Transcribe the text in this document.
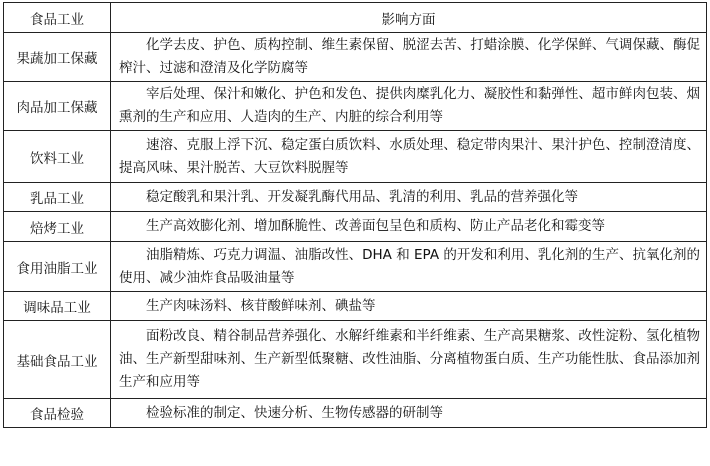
食品工业	影响方面
果蔬加工保藏	化学去皮、护色、质构控制、维生素保留、脱涩去苦、打蜡涂膜、化学保鲜、气调保藏、酶促榨汁、过滤和澄清及化学防腐等
肉品加工保藏	宰后处理、保汁和嫩化、护色和发色、提供肉糜乳化力、凝胶性和黏弹性、超市鲜肉包装、烟熏剂的生产和应用、人造肉的生产、内脏的综合利用等
饮料工业	速溶、克服上浮下沉、稳定蛋白质饮料、水质处理、稳定带肉果汁、果汁护色、控制澄清度、提高风味、果汁脱苦、大豆饮料脱腥等
乳品工业	稳定酸乳和果汁乳、开发凝乳酶代用品、乳清的利用、乳品的营养强化等
焙烤工业	生产高效膨化剂、增加酥脆性、改善面包呈色和质构、防止产品老化和霉变等
食用油脂工业	油脂精炼、巧克力调温、油脂改性、DHA 和 EPA 的开发和利用、乳化剂的生产、抗氧化剂的使用、减少油炸食品吸油量等
调味品工业	生产肉味汤料、核苷酸鲜味剂、碘盐等
基础食品工业	面粉改良、精谷制品营养强化、水解纤维素和半纤维素、生产高果糖浆、改性淀粉、氢化植物油、生产新型甜味剂、生产新型低聚糖、改性油脂、分离植物蛋白质、生产功能性肽、食品添加剂生产和应用等
食品检验	检验标准的制定、快速分析、生物传感器的研制等
